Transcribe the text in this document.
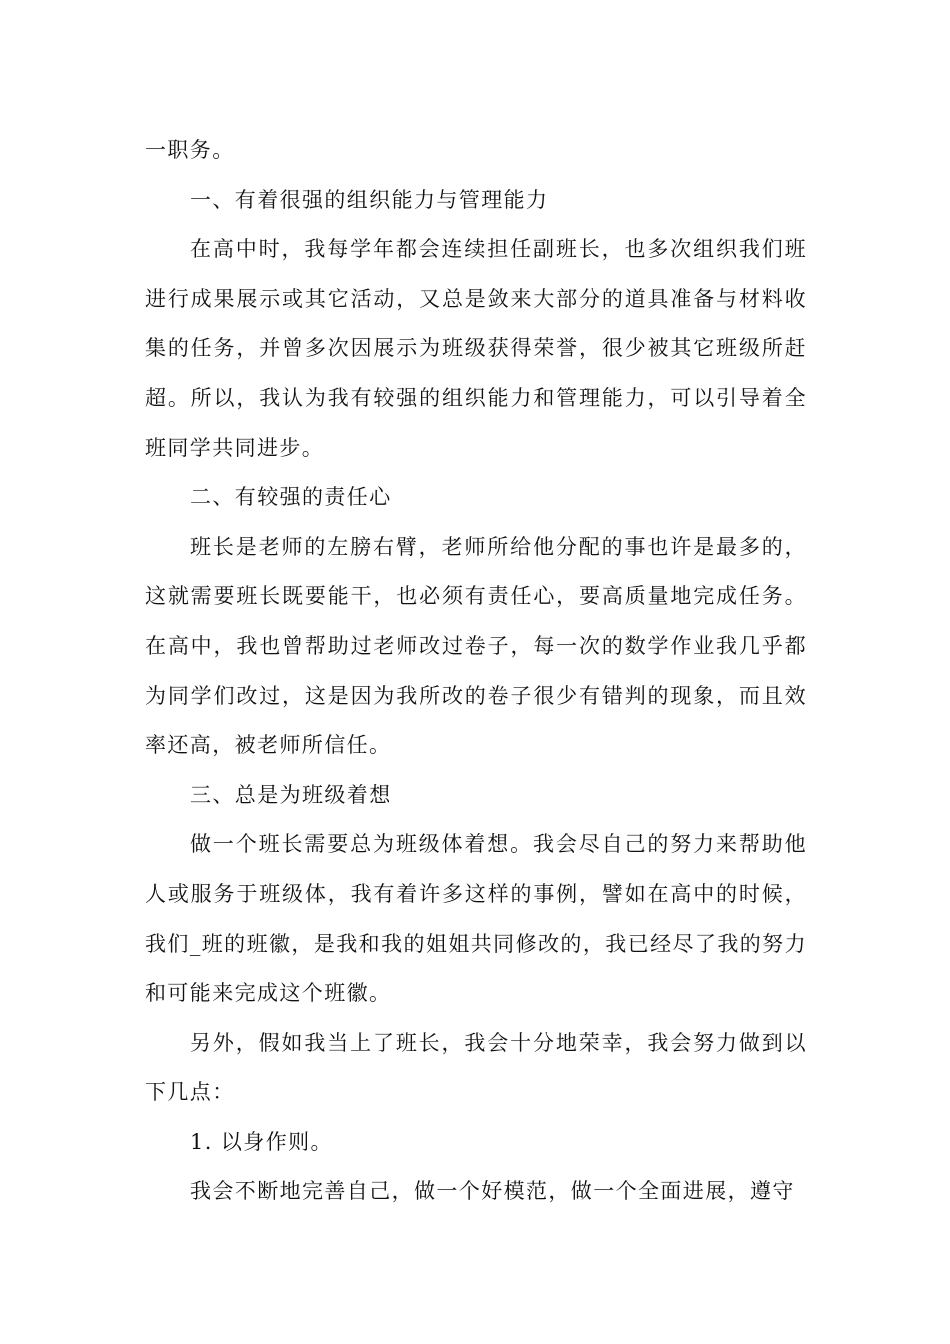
一职务。

一、有着很强的组织能力与管理能力

在高中时，我每学年都会连续担任副班长，也多次组织我们班进行成果展示或其它活动，又总是敛来大部分的道具准备与材料收集的任务，并曾多次因展示为班级获得荣誉，很少被其它班级所赶超。所以，我认为我有较强的组织能力和管理能力，可以引导着全班同学共同进步。

二、有较强的责任心

班长是老师的左膀右臂，老师所给他分配的事也许是最多的，这就需要班长既要能干，也必须有责任心，要高质量地完成任务。在高中，我也曾帮助过老师改过卷子，每一次的数学作业我几乎都为同学们改过，这是因为我所改的卷子很少有错判的现象，而且效率还高，被老师所信任。

三、总是为班级着想

做一个班长需要总为班级体着想。我会尽自己的努力来帮助他人或服务于班级体，我有着许多这样的事例，譬如在高中的时候，我们_班的班徽，是我和我的姐姐共同修改的，我已经尽了我的努力和可能来完成这个班徽。

另外，假如我当上了班长，我会十分地荣幸，我会努力做到以下几点：

1. 以身作则。

我会不断地完善自己，做一个好模范，做一个全面进展，遵守
